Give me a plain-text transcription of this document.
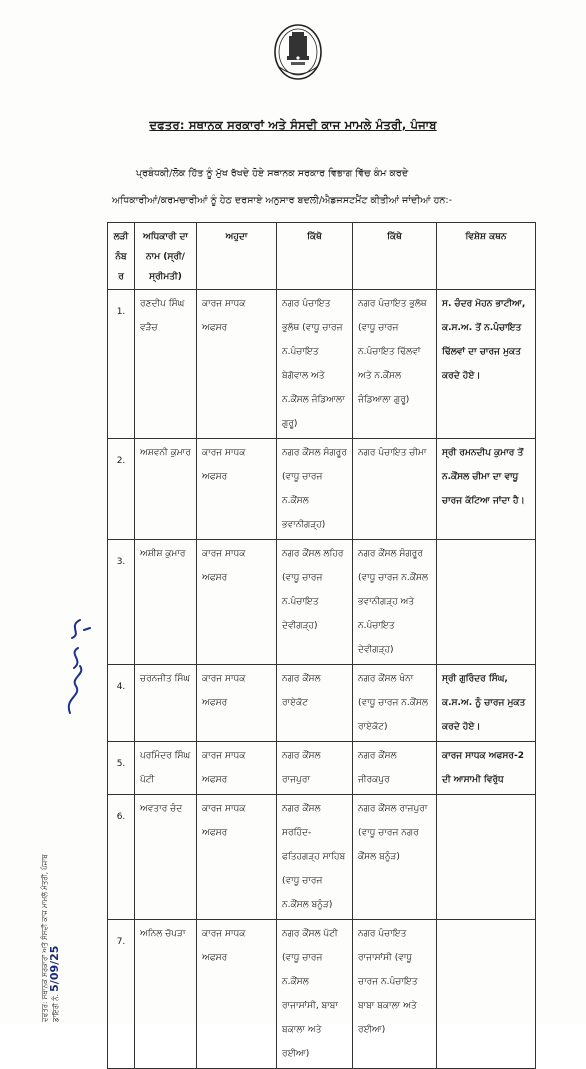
ਦਫਤਰ: ਸਥਾਨਕ ਸਰਕਾਰਾਂ ਅਤੇ ਸੰਸਦੀ ਕਾਜ ਮਾਮਲੇ ਮੰਤਰੀ, ਪੰਜਾਬ

ਪ੍ਰਬੰਧਕੀ/ਲੋਕ ਹਿੱਤ ਨੂੰ ਮੁੱਖ ਰੱਖਦੇ ਹੋਏ ਸਥਾਨਕ ਸਰਕਾਰ ਵਿਭਾਗ ਵਿੱਚ ਕੰਮ ਕਰਦੇ

ਅਧਿਕਾਰੀਆਂ/ਕਰਮਚਾਰੀਆਂ ਨੂੰ ਹੇਠ ਦਰਸਾਏ ਅਨੁਸਾਰ ਬਦਲੀ/ਐਡਜਸਟਮੈਂਟ ਕੀਤੀਆਂ ਜਾਂਦੀਆਂ ਹਨ:-

ਲੜੀ ਨੰਬਰ	ਅਧਿਕਾਰੀ ਦਾ ਨਾਮ (ਸ੍ਰੀ/ਸ੍ਰੀਮਤੀ)	ਅਹੁਦਾ	ਕਿੱਥੋ	ਕਿੱਥੇ	ਵਿਸ਼ੇਸ਼ ਕਥਨ
1.	ਰਣਦੀਪ ਸਿੰਘ ਵੜੈਚ	ਕਾਰਜ ਸਾਧਕ ਅਫਸਰ	ਨਗਰ ਪੰਚਾਇਤ ਭੁਲੱਥ (ਵਾਧੂ ਚਾਰਜ ਨ.ਪੰਚਾਇਤ ਬੇਗੋਵਾਲ ਅਤੇ ਨ.ਕੌਂਸਲ ਜੰਡਿਆਲਾ ਗੁਰੂ)	ਨਗਰ ਪੰਚਾਇਤ ਭੁਲੱਥ (ਵਾਧੂ ਚਾਰਜ ਨ.ਪੰਚਾਇਤ ਢਿੱਲਵਾਂ ਅਤੇ ਨ.ਕੌਂਸਲ ਜੰਡਿਆਲਾ ਗੁਰੂ)	ਸ. ਚੰਦਰ ਮੋਹਨ ਭਾਟੀਆ, ਕ.ਸ.ਅ. ਤੋਂ ਨ.ਪੰਚਾਇਤ ਢਿੱਲਵਾਂ ਦਾ ਚਾਰਜ ਮੁਕਤ ਕਰਦੇ ਹੋਏ।
2.	ਅਸ਼ਵਨੀ ਕੁਮਾਰ	ਕਾਰਜ ਸਾਧਕ ਅਫਸਰ	ਨਗਰ ਕੌਂਸਲ ਸੰਗਰੂਰ (ਵਾਧੂ ਚਾਰਜ ਨ.ਕੌਂਸਲ ਭਵਾਨੀਗੜ੍ਹ)	ਨਗਰ ਪੰਚਾਇਤ ਚੀਮਾ	ਸ੍ਰੀ ਰਮਨਦੀਪ ਕੁਮਾਰ ਤੋਂ ਨ.ਕੌਂਸਲ ਚੀਮਾ ਦਾ ਵਾਧੂ ਚਾਰਜ ਕੱਟਿਆ ਜਾਂਦਾ ਹੈ।
3.	ਅਸ਼ੀਸ਼ ਕੁਮਾਰ	ਕਾਰਜ ਸਾਧਕ ਅਫਸਰ	ਨਗਰ ਕੌਂਸਲ ਲਹਿਰ (ਵਾਧੂ ਚਾਰਜ ਨ.ਪੰਚਾਇਤ ਦੇਵੀਗੜ੍ਹ)	ਨਗਰ ਕੌਂਸਲ ਸੰਗਰੂਰ (ਵਾਧੂ ਚਾਰਜ ਨ.ਕੌਂਸਲ ਭਵਾਨੀਗੜ੍ਹ ਅਤੇ ਨ.ਪੰਚਾਇਤ ਦੇਵੀਗੜ੍ਹ)	
4.	ਚਰਨਜੀਤ ਸਿੰਘ	ਕਾਰਜ ਸਾਧਕ ਅਫਸਰ	ਨਗਰ ਕੌਂਸਲ ਰਾਏਕੋਟ	ਨਗਰ ਕੌਂਸਲ ਖੰਨਾ (ਵਾਧੂ ਚਾਰਜ ਨ.ਕੌਂਸਲ ਰਾਏਕੋਟ)	ਸ੍ਰੀ ਗੁਰਿੰਦਰ ਸਿੰਘ, ਕ.ਸ.ਅ. ਨੂੰ ਚਾਰਜ ਮੁਕਤ ਕਰਦੇ ਹੋਏ।
5.	ਪਰਮਿੰਦਰ ਸਿੰਘ ਪੱਟੀ	ਕਾਰਜ ਸਾਧਕ ਅਫਸਰ	ਨਗਰ ਕੌਂਸਲ ਰਾਜਪੁਰਾ	ਨਗਰ ਕੌਂਸਲ ਜੀਰਕਪੁਰ	ਕਾਰਜ ਸਾਧਕ ਅਫਸਰ-2 ਦੀ ਆਸਾਮੀ ਵਿਰੁੱਧ
6.	ਅਵਤਾਰ ਚੰਦ	ਕਾਰਜ ਸਾਧਕ ਅਫਸਰ	ਨਗਰ ਕੌਂਸਲ ਸਰਹਿੰਦ-ਫਤਿਹਗੜ੍ਹ ਸਾਹਿਬ (ਵਾਧੂ ਚਾਰਜ ਨ.ਕੌਂਸਲ ਬਨੂੰੜ)	ਨਗਰ ਕੌਂਸਲ ਰਾਜਪੁਰਾ (ਵਾਧੂ ਚਾਰਜ ਨਗਰ ਕੌਂਸਲ ਬਨੂੰੜ)	
7.	ਅਨਿਲ ਚੋਪੜਾ	ਕਾਰਜ ਸਾਧਕ ਅਫਸਰ	ਨਗਰ ਕੌਂਸਲ ਪੱਟੀ (ਵਾਧੂ ਚਾਰਜ ਨ.ਕੌਂਸਲ ਰਾਜਾਸਾਂਸੀ, ਬਾਬਾ ਬਕਾਲਾ ਅਤੇ ਰਈਆ)	ਨਗਰ ਪੰਚਾਇਤ ਰਾਜਾਸਾਂਸੀ (ਵਾਧੂ ਚਾਰਜ ਨ.ਪੰਚਾਇਤ ਬਾਬਾ ਬਕਾਲਾ ਅਤੇ ਰਈਆ)	
ਦਫਤਰ: ਸਥਾਨਕ ਸਰਕਾਰਾਂ ਅਤੇ ਸੰਸਦੀ ਕਾਜ ਮਾਮਲੇ ਮੰਤਰੀ, ਪੰਜਾਬ ਡਾਇਰੀ ਨੰ. 5/09/25
